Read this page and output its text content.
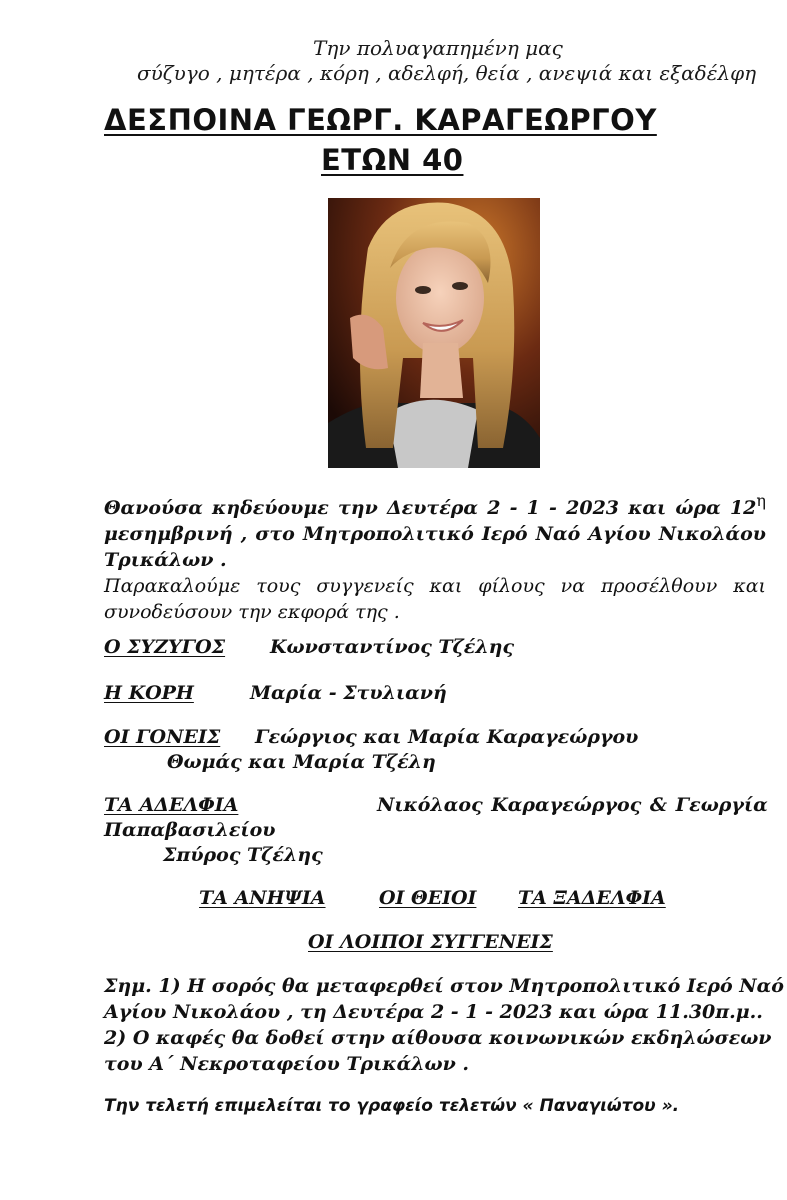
Την πολυαγαπημένη μας
σύζυγο , μητέρα , κόρη , αδελφή, θεία , ανεψιά και εξαδέλφη
ΔΕΣΠΟΙΝΑ ΓΕΩΡΓ. ΚΑΡΑΓΕΩΡΓΟΥ
ΕΤΩΝ 40
Θανούσα κηδεύουμε την Δευτέρα 2 - 1 - 2023 και ώρα $12^\eta$
μεσημβρινή , στο Μητροπολιτικό Ιερό Ναό Αγίου Νικολάου
Τρικάλων .
Παρακαλούμε τους συγγενείς και φίλους να προσέλθουν και
συνοδεύσουν την εκφορά της .
Ο ΣΥΖΥΓΟΣ Κωνσταντίνος Τζέλης
Η ΚΟΡΗ	Μαρία - Στυλιανή
ΟΙ ΓΟΝΕΙΣ Γεώργιος και Μαρία Καραγεώργου
Θωμάς και Μαρία Τζέλη
ΤΑ ΑΔΕΛΦΙΑ	Νικόλαος Καραγεώργος & Γεωργία
Παπαβασιλείου
Σπύρος Τζέλης
ΤΑ ΑΝΗΨΙΑ	ΟΙ ΘΕΙΟΙ ΤΑ ΞΑΔΕΛΦΙΑ
ΟΙ ΛΟΙΠΟΙ ΣΥΓΓΕΝΕΙΣ
Σημ. 1) Η σορός θα μεταφερθεί στον Μητροπολιτικό Ιερό Ναό
Αγίου Νικολάου , τη Δευτέρα 2 - 1 - 2023 και ώρα 11.30π.μ..
2) Ο καφές θα δοθεί στην αίθουσα κοινωνικών εκδηλώσεων
του Α΄ Νεκροταφείου Τρικάλων .
Την τελετή επιμελείται το γραφείο τελετών « Παναγιώτου ».
